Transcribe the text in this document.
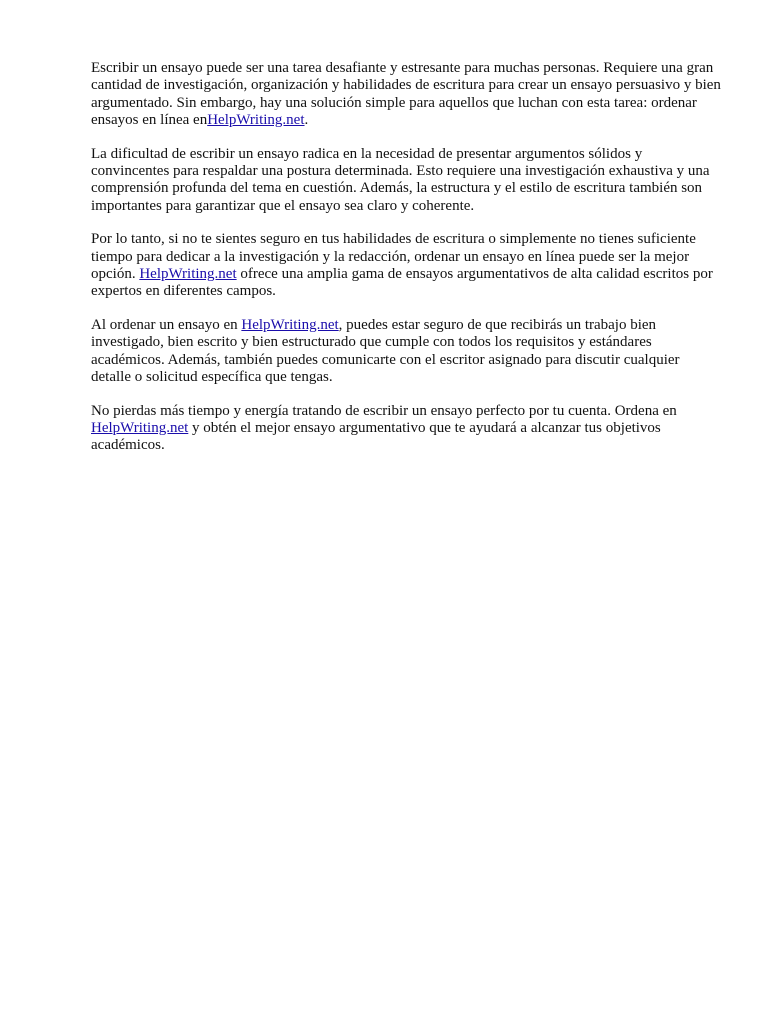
Escribir un ensayo puede ser una tarea desafiante y estresante para muchas personas. Requiere una gran cantidad de investigación, organización y habilidades de escritura para crear un ensayo persuasivo y bien argumentado. Sin embargo, hay una solución simple para aquellos que luchan con esta tarea: ordenar ensayos en línea enHelpWriting.net.

La dificultad de escribir un ensayo radica en la necesidad de presentar argumentos sólidos y convincentes para respaldar una postura determinada. Esto requiere una investigación exhaustiva y una comprensión profunda del tema en cuestión. Además, la estructura y el estilo de escritura también son importantes para garantizar que el ensayo sea claro y coherente.

Por lo tanto, si no te sientes seguro en tus habilidades de escritura o simplemente no tienes suficiente tiempo para dedicar a la investigación y la redacción, ordenar un ensayo en línea puede ser la mejor opción. HelpWriting.net ofrece una amplia gama de ensayos argumentativos de alta calidad escritos por expertos en diferentes campos.

Al ordenar un ensayo en HelpWriting.net, puedes estar seguro de que recibirás un trabajo bien investigado, bien escrito y bien estructurado que cumple con todos los requisitos y estándares académicos. Además, también puedes comunicarte con el escritor asignado para discutir cualquier detalle o solicitud específica que tengas.

No pierdas más tiempo y energía tratando de escribir un ensayo perfecto por tu cuenta. Ordena en HelpWriting.net y obtén el mejor ensayo argumentativo que te ayudará a alcanzar tus objetivos académicos.
